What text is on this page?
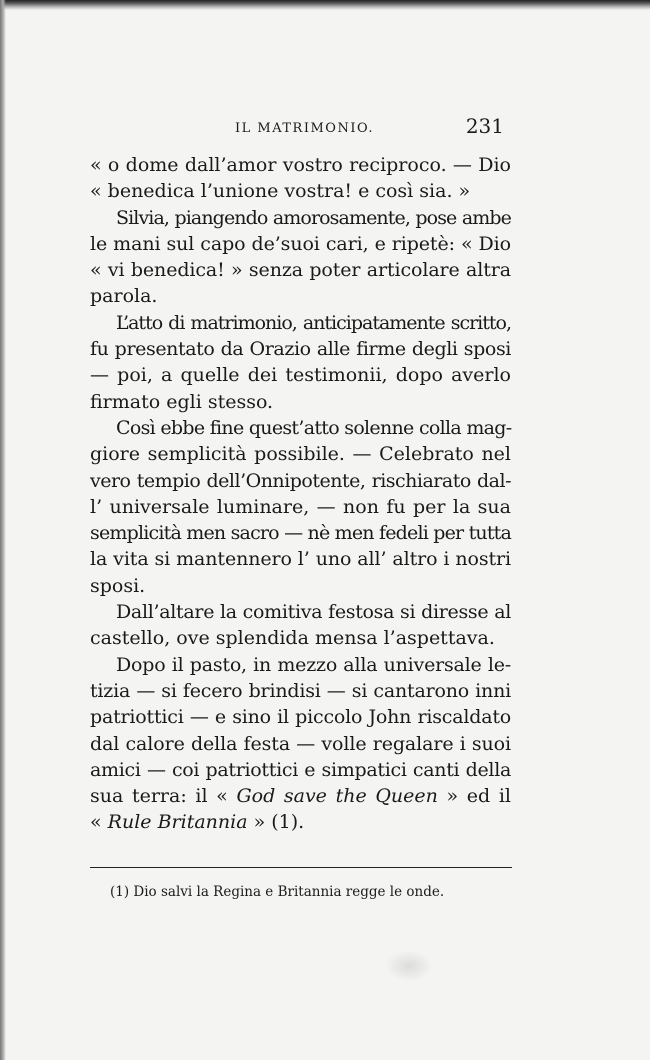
IL MATRIMONIO.	231
« o dome dall’amor vostro reciproco. — Dio
« benedica l’unione vostra! e così sia. »
Silvia, piangendo amorosamente, pose ambe
le mani sul capo de’suoi cari, e ripetè: « Dio
« vi benedica! » senza poter articolare altra
parola.
L’atto di matrimonio, anticipatamente scritto,
fu presentato da Orazio alle firme degli sposi
— poi, a quelle dei testimonii, dopo averlo
firmato egli stesso.
Così ebbe fine quest’atto solenne colla mag-
giore semplicità possibile. — Celebrato nel
vero tempio dell’Onnipotente, rischiarato dal-
l’ universale luminare, — non fu per la sua
semplicità men sacro — nè men fedeli per tutta
la vita si mantennero l’ uno all’ altro i nostri
sposi.
Dall’altare la comitiva festosa si diresse al
castello, ove splendida mensa l’aspettava.
Dopo il pasto, in mezzo alla universale le-
tizia — si fecero brindisi — si cantarono inni
patriottici — e sino il piccolo John riscaldato
dal calore della festa — volle regalare i suoi
amici — coi patriottici e simpatici canti della
sua terra: il « God save the Queen » ed il
« Rule Britannia » (1).
(1) Dio salvi la Regina e Britannia regge le onde.
